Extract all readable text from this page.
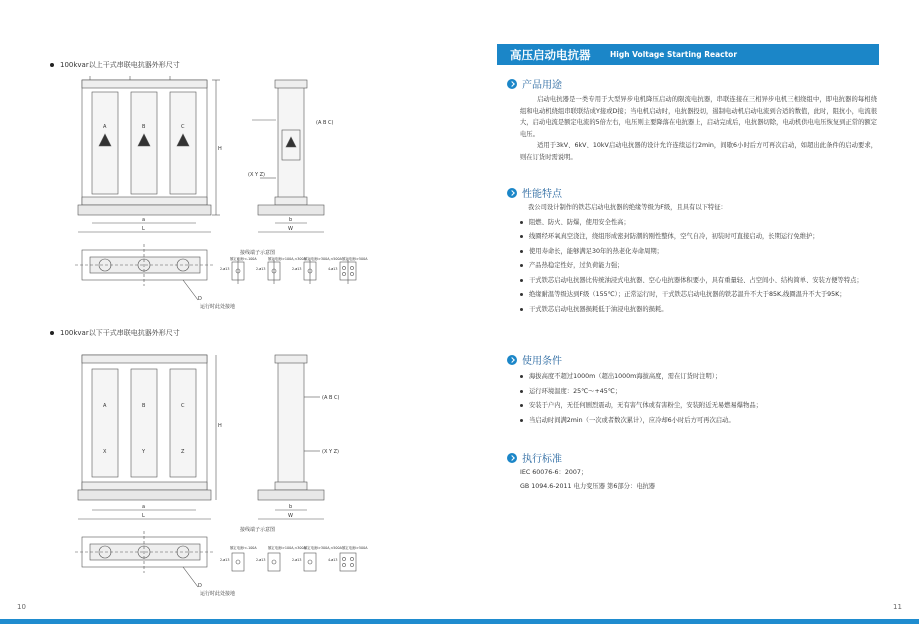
100kvar以上干式串联电抗器外形尺寸
A	B	C
H
a
L
(A B C)
(X Y Z)
b
W
D
运行时此处接地
接线端子示意图
额定电流I<-100A	额定电流I>100A,<300A
额定电流I>300A,<500A 额定电流I>500A
2-ø13	2-ø13	2-ø13	4-ø13
100kvar以下干式串联电抗器外形尺寸
A	B	C
X	Y	Z
H
a
L
(A B C)
(X Y Z)
b
W
D
运行时此处接地
接线端子示意图
额定电流I<-100A	额定电流I>100A,<300A
额定电流I>300A,<500A 额定电流I>500A
2-ø13	2-ø13	2-ø13	4-ø13
10
高压启动电抗器	High Voltage Starting Reactor
产品用途

启动电抗器是一类专用于大型异步电机降压启动的限流电抗器，串联连接在三相异步电机三相绕组中，即电抗器的每相绕组和电动机绕组串联联结成Y接或D接；当电机启动时，电抗器投切，遏制电动机启动电流到合适的数值，此时，阻抗小，电流很大，启动电流是额定电流的5倍左右，电压则主要降落在电抗器上，启动完成后，电抗器切除，电动机供电电压恢复到正常的额定电压。

适用于3kV、6kV、10kV启动电抗器的设计允许连续运行2min，间歇6小时后方可再次启动，如超出此条件的启动要求，则在订货时需说明。

性能特点
我公司设计制作的铁芯启动电抗器的绝缘等级为F级，且具有以下特征：
阻燃、防火、防爆，使用安全性高；
线圈经环氧真空浇注，绕组形成密封防潮的刚性整体，空气自冷，初装时可直接启动，长期运行免维护；
使用寿命长，能够满足30年的热老化寿命周期；
产品热稳定性好，过负荷能力强；
干式铁芯启动电抗器比传统油浸式电抗器、空心电抗器体积要小，具有重量轻、占空间小、结构简单、安装方便等特点；
绝缘耐温等级达到F级（155℃）；正常运行时，干式铁芯启动电抗器的铁芯温升不大于85K,线圈温升不大于95K；
干式铁芯启动电抗器损耗低于油浸电抗器的损耗。
使用条件
海拔高度不超过1000m（超出1000m海拔高度，需在订货时注明）；
运行环境温度：25℃～+45℃；
安装于户内，无任何剧烈震动，无有害气体或有害粉尘，安装附近无易燃易爆物品；
当启动时间满2min（一次或者数次累计），应冷却6小时后方可再次启动。
执行标准
IEC 60076-6：2007；
GB 1094.6-2011 电力变压器 第6部分：电抗器
11
